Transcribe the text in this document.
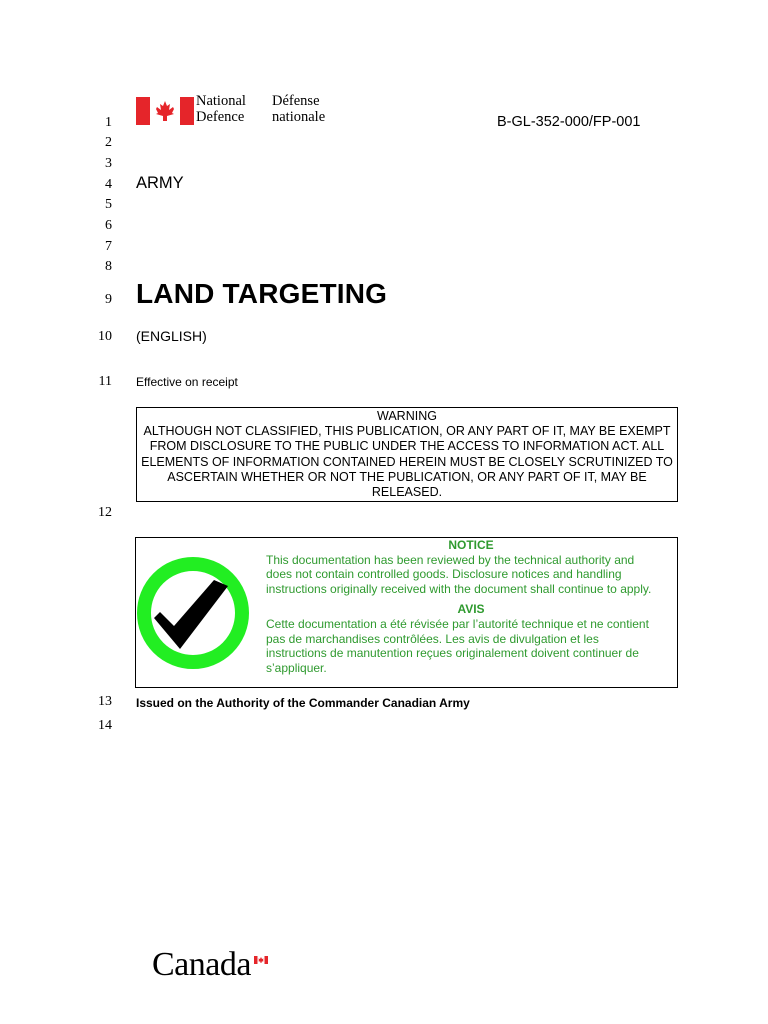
1
2
3
4
5
6
7
8
9
10
11
12
13
14
National	Défense
Defence	nationale	B-GL-352-000/FP-001
ARMY
LAND TARGETING
(ENGLISH)
Effective on receipt
WARNING
ALTHOUGH NOT CLASSIFIED, THIS PUBLICATION, OR ANY PART OF IT, MAY BE EXEMPT
FROM DISCLOSURE TO THE PUBLIC UNDER THE ACCESS TO INFORMATION ACT. ALL
ELEMENTS OF INFORMATION CONTAINED HEREIN MUST BE CLOSELY SCRUTINIZED TO
ASCERTAIN WHETHER OR NOT THE PUBLICATION, OR ANY PART OF IT, MAY BE
RELEASED.
NOTICE
This documentation has been reviewed by the technical authority and
does not contain controlled goods. Disclosure notices and handling
instructions originally received with the document shall continue to apply.
AVIS
Cette documentation a été révisée par l’autorité technique et ne contient
pas de marchandises contrôlées. Les avis de divulgation et les
instructions de manutention reçues originalement doivent continuer de
s’appliquer.
Issued on the Authority of the Commander Canadian Army
Canada
